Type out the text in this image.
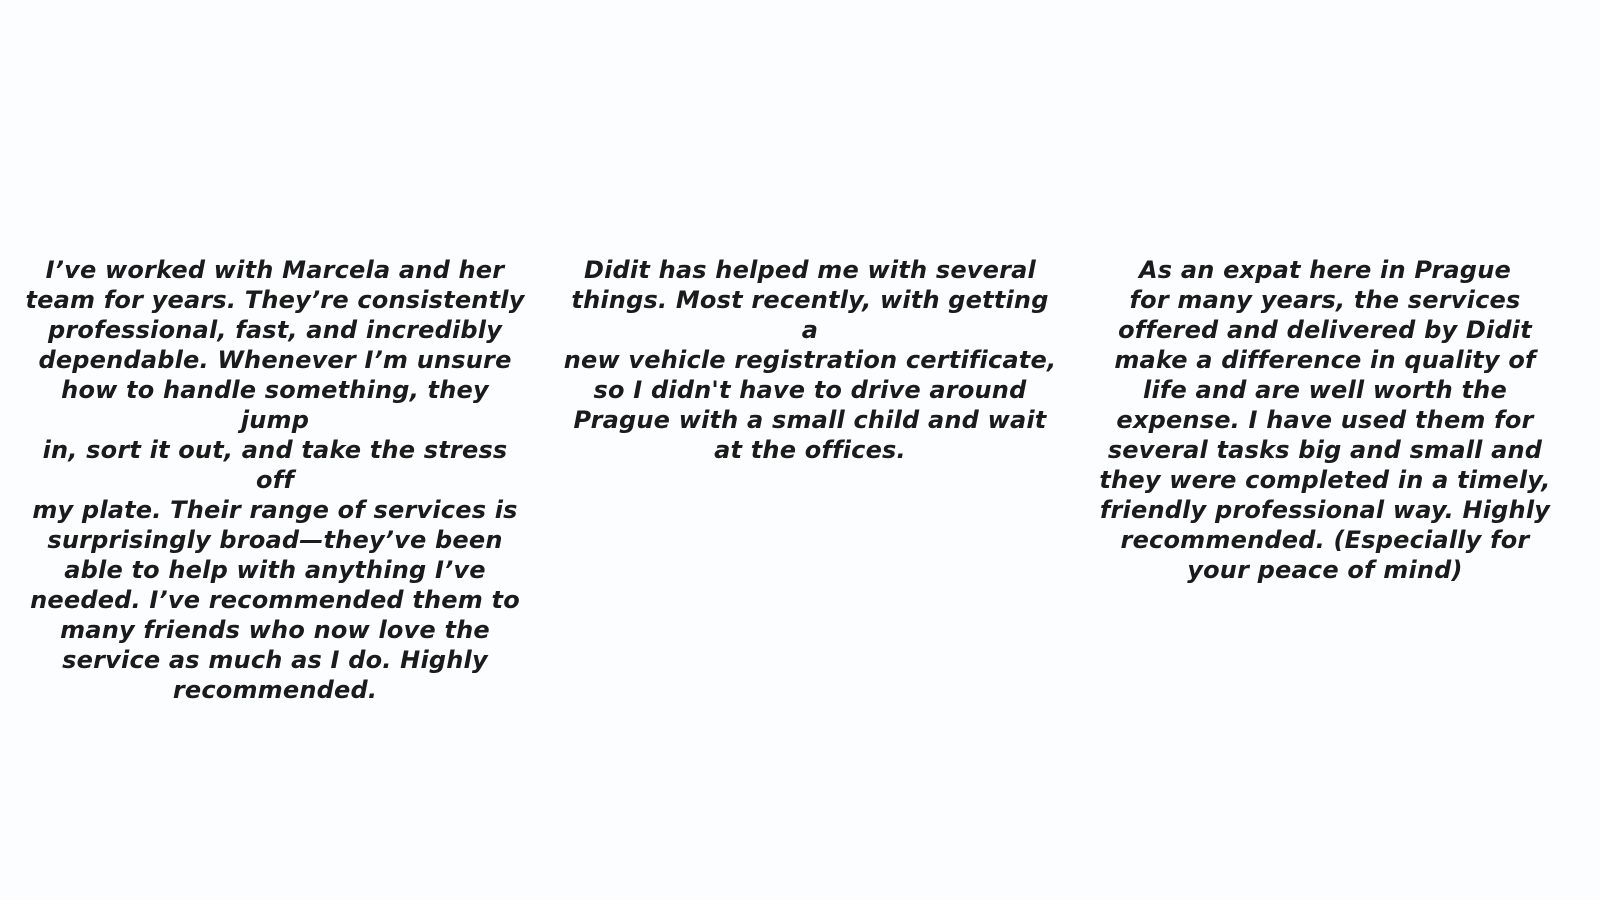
I’ve worked with Marcela and her
team for years. They’re consistently
professional, fast, and incredibly
dependable. Whenever I’m unsure
how to handle something, they jump
in, sort it out, and take the stress off
my plate. Their range of services is
surprisingly broad—they’ve been
able to help with anything I’ve
needed. I’ve recommended them to
many friends who now love the
service as much as I do. Highly
recommended.

Didit has helped me with several
things. Most recently, with getting a
new vehicle registration certificate,
so I didn't have to drive around
Prague with a small child and wait
at the offices.

As an expat here in Prague
for many years, the services
offered and delivered by Didit
make a difference in quality of
life and are well worth the
expense. I have used them for
several tasks big and small and
they were completed in a timely,
friendly professional way. Highly
recommended. (Especially for
your peace of mind)
